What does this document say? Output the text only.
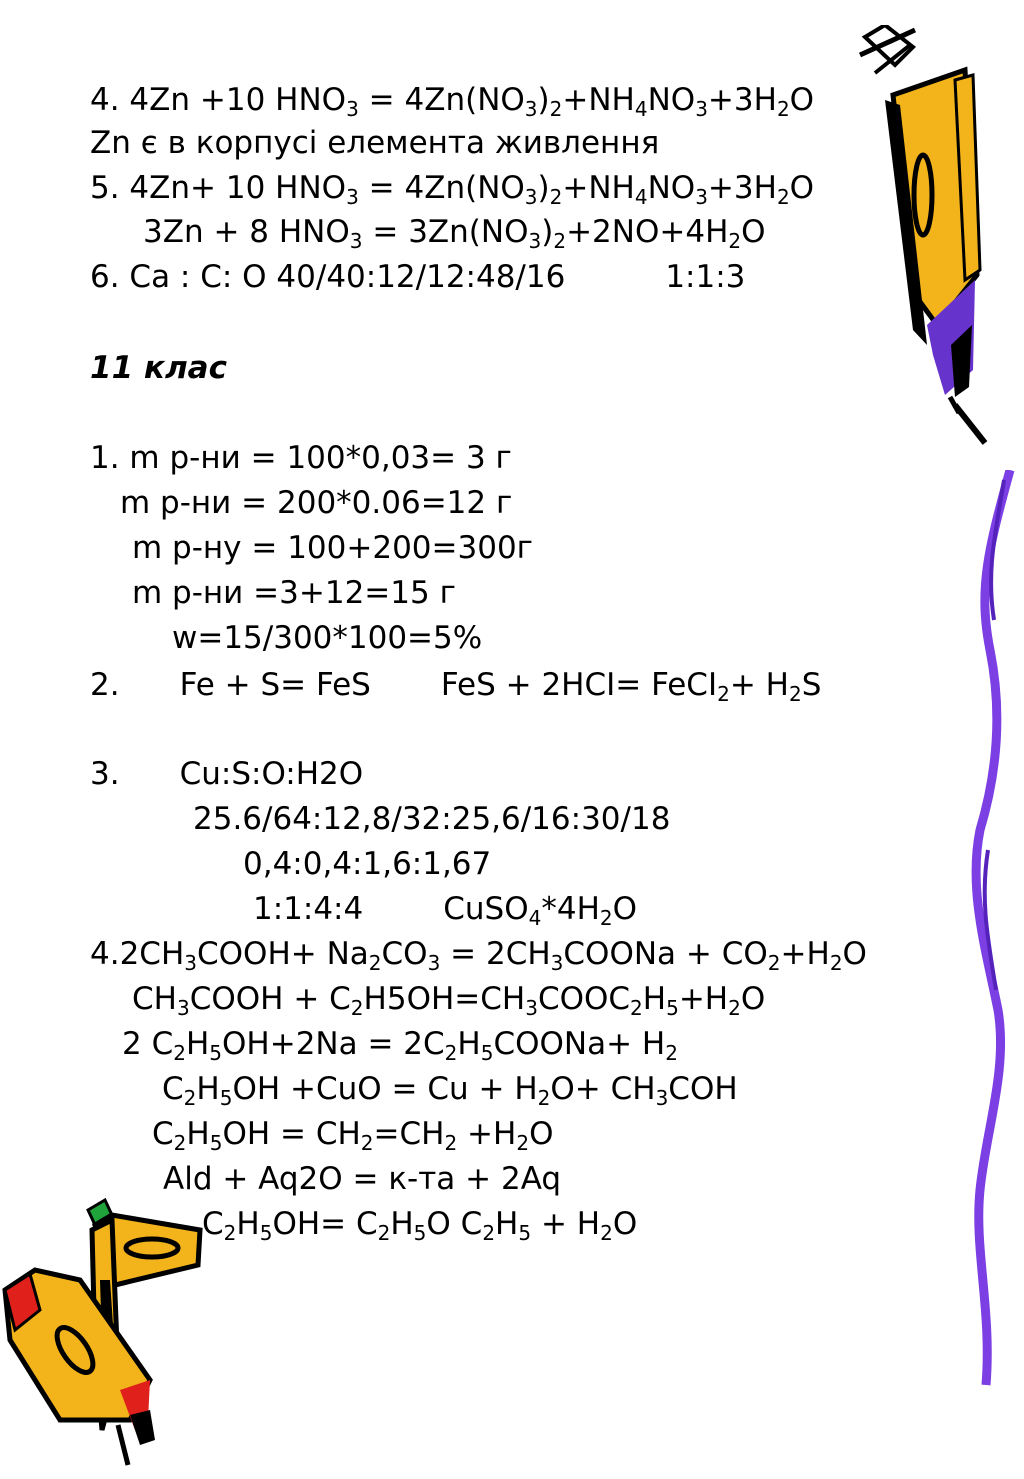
4. 4Zn +10 $HNO_3 = 4Zn(NO_3)_2+NH_4NO_3+3H_2O$
Zn є в корпусі елемента живлення
5. 4Zn+ 10 $HNO_3 = 4Zn(NO_3)_2+NH_4NO_3+3H_2O$
3Zn + 8 $HNO_3 = 3Zn(NO_3)_2+2NO+4H_2O$
6. Ca : C: O 40/40:12/12:48/16	1:1:3
11 клас
1. m р-ни = 100*0,03= 3 г
m р-ни = 200*0.06=12 г
m р-ну = 100+200=300г
m р-ни =3+12=15 г
w=15/300*100=5%
2. Fe + S= FeS FeS + 2HCI= FeCI$_2$+ $H_2S$
3. Cu:S:O:H2O
25.6/64:12,8/32:25,6/16:30/18
0,4:0,4:1,6:1,67
1:1:4:4	$CuSO_4*4H_2O$
$4.2CH_3COOH+ Na_2CO_3$ = $2CH_3COONa + CO_2+H_2O$
$CH_3COOH$ + $C_2H5OH=CH_3COOC_2H_5+H_2O$
2 $C_2H_5OH+2Na$ = $2C_2H_5COONa+ H_2$
$C_2H_5OH +CuO = Cu + H_2O+ CH_3COH$
$C_2H_5OH = CH_2=CH_2 +H_2O$
Ald + Aq2O = к-та + 2Aq
$C_2H_5OH= C_2H_5O$ $C_2H_5 + H_2O$
